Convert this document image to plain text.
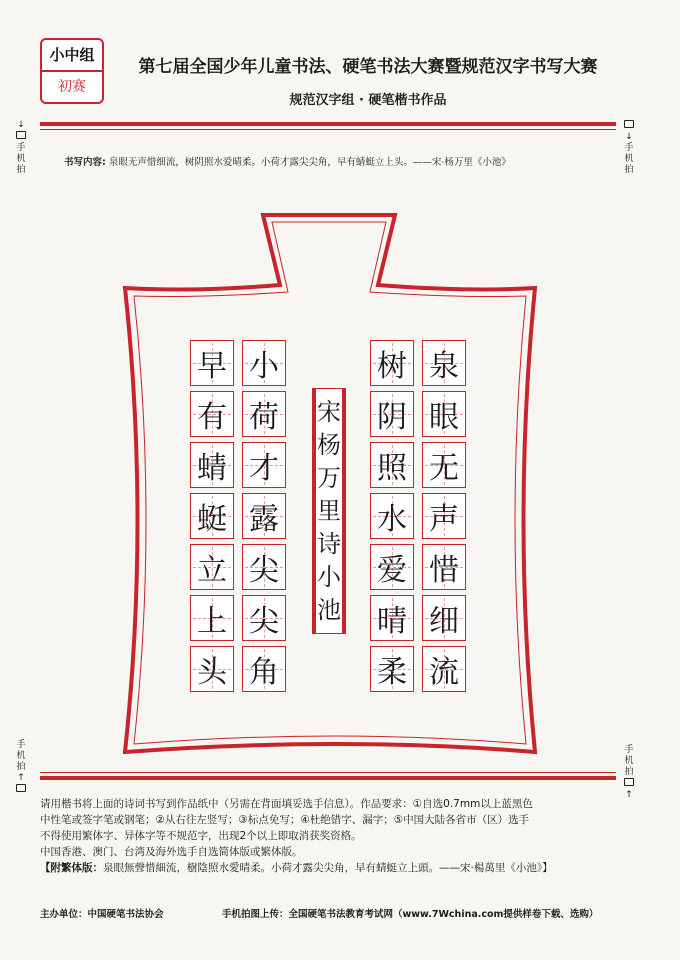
小中组
初赛
第七届全国少年儿童书法、硬笔书法大赛暨规范汉字书写大赛
规范汉字组 · 硬笔楷书作品
↓

手机拍
↓

手机拍
手机拍
↑
手机拍
↑
书写内容: 泉眼无声惜细流，树阴照水爱晴柔。小荷才露尖尖角，早有蜻蜓立上头。——宋·杨万里《小池》
泉
眼
无
声
惜
细
流
树
阴
照
水
爱
晴
柔
小
荷
才
露
尖
尖
角
早
有
蜻
蜓
立
上
头
宋
杨
万
里
诗
小
池

请用楷书将上面的诗词书写到作品纸中（另需在背面填妥选手信息）。作品要求：①自选0.7mm以上蓝黑色

中性笔或签字笔或钢笔；②从右往左竖写；③标点免写；④杜绝错字、漏字；⑤中国大陆各省市（区）选手

不得使用繁体字、异体字等不规范字，出现2个以上即取消获奖资格。

中国香港、澳门、台湾及海外选手自选简体版或繁体版。

【附繁体版：泉眼無聲惜細流，樹陰照水愛晴柔。小荷才露尖尖角，早有蜻蜓立上頭。——宋·楊萬里《小池》】

主办单位：中国硬笔书法协会	手机拍图上传：全国硬笔书法教育考试网（www.7Wchina.com提供样卷下载、选购）
